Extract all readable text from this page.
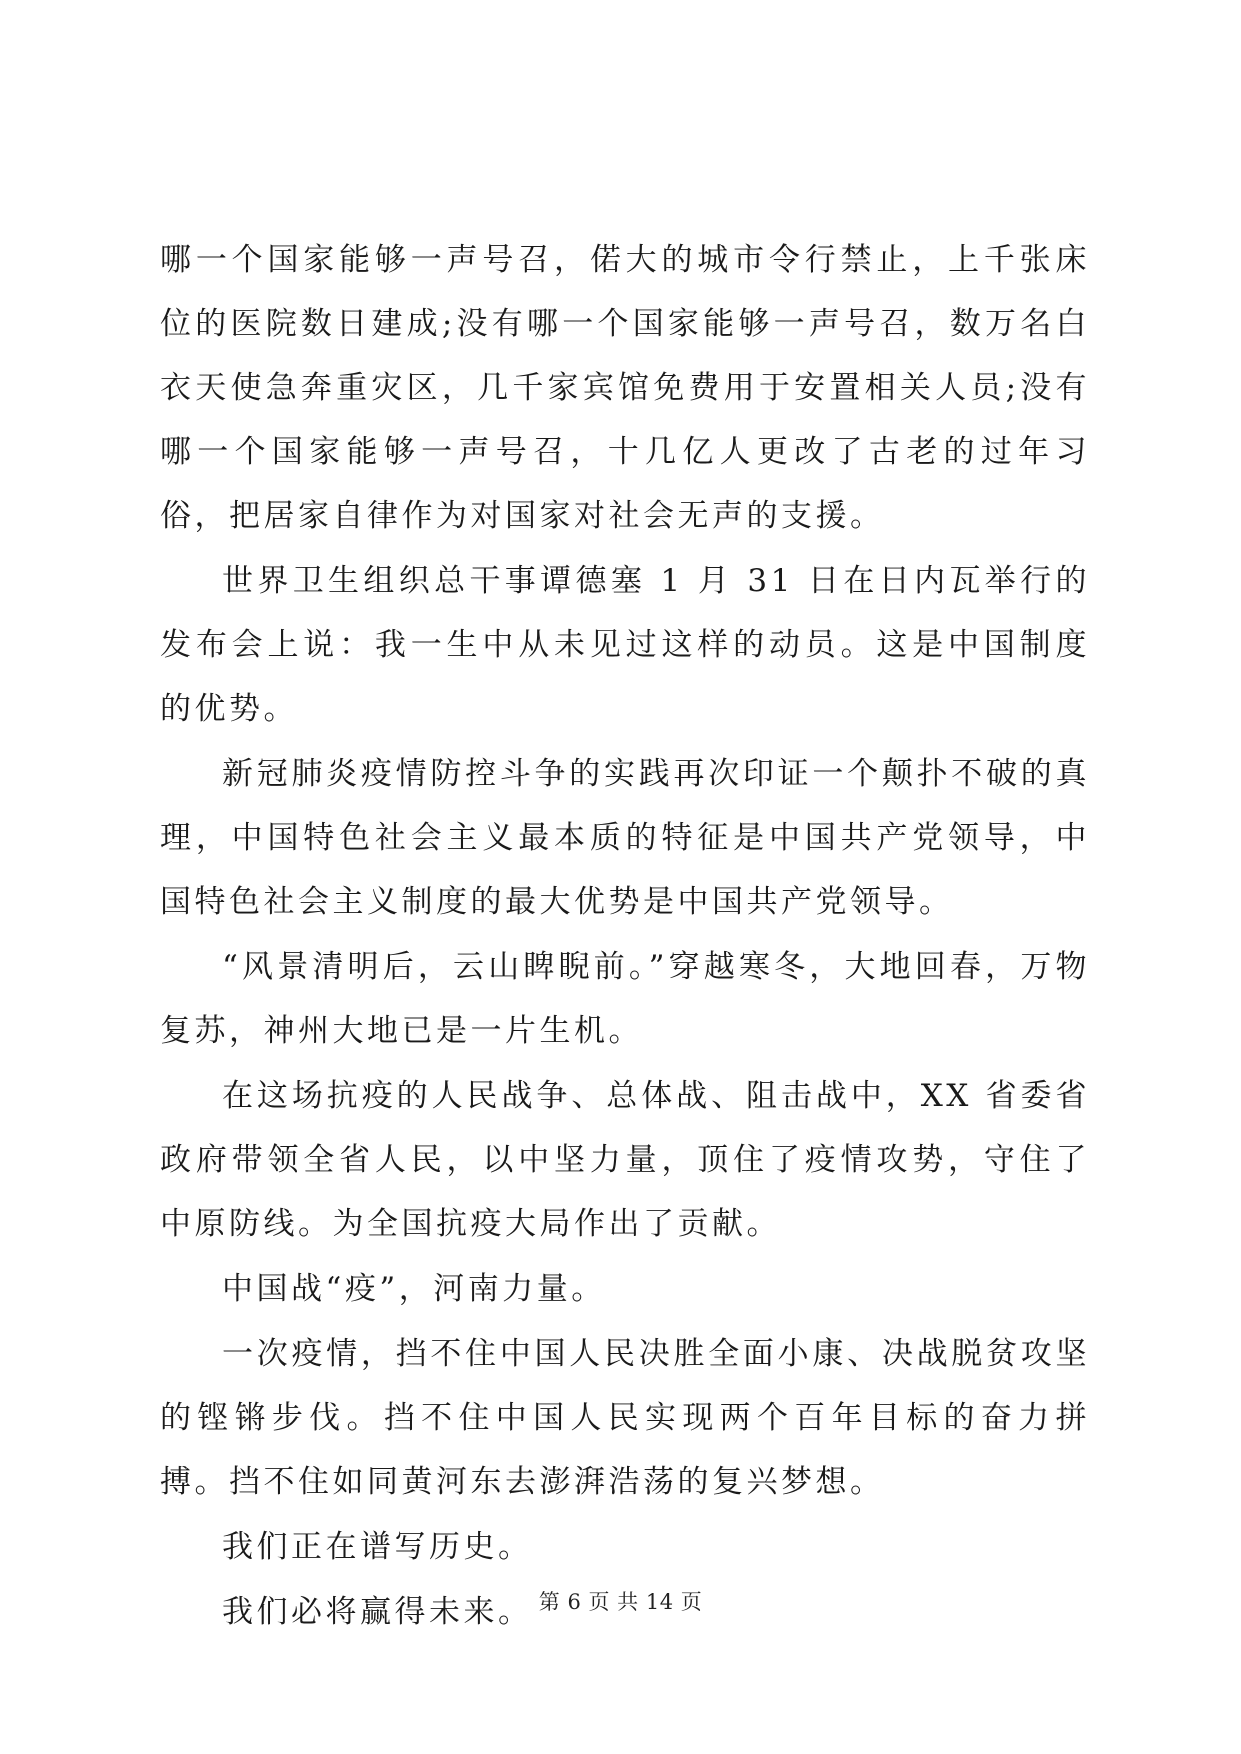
哪一个国家能够一声号召，偌大的城市令行禁止，上千张床位的医院数日建成;没有哪一个国家能够一声号召，数万名白衣天使急奔重灾区，几千家宾馆免费用于安置相关人员;没有哪一个国家能够一声号召，十几亿人更改了古老的过年习俗，把居家自律作为对国家对社会无声的支援。

世界卫生组织总干事谭德塞 1 月 31 日在日内瓦举行的发布会上说：我一生中从未见过这样的动员。这是中国制度的优势。

新冠肺炎疫情防控斗争的实践再次印证一个颠扑不破的真理，中国特色社会主义最本质的特征是中国共产党领导，中国特色社会主义制度的最大优势是中国共产党领导。

“风景清明后，云山睥睨前。”穿越寒冬，大地回春，万物复苏，神州大地已是一片生机。

在这场抗疫的人民战争、总体战、阻击战中，XX 省委省政府带领全省人民，以中坚力量，顶住了疫情攻势，守住了中原防线。为全国抗疫大局作出了贡献。

中国战“疫”，河南力量。

一次疫情，挡不住中国人民决胜全面小康、决战脱贫攻坚的铿锵步伐。挡不住中国人民实现两个百年目标的奋力拼搏。挡不住如同黄河东去澎湃浩荡的复兴梦想。

我们正在谱写历史。

我们必将赢得未来。 第 6 页 共 14 页
